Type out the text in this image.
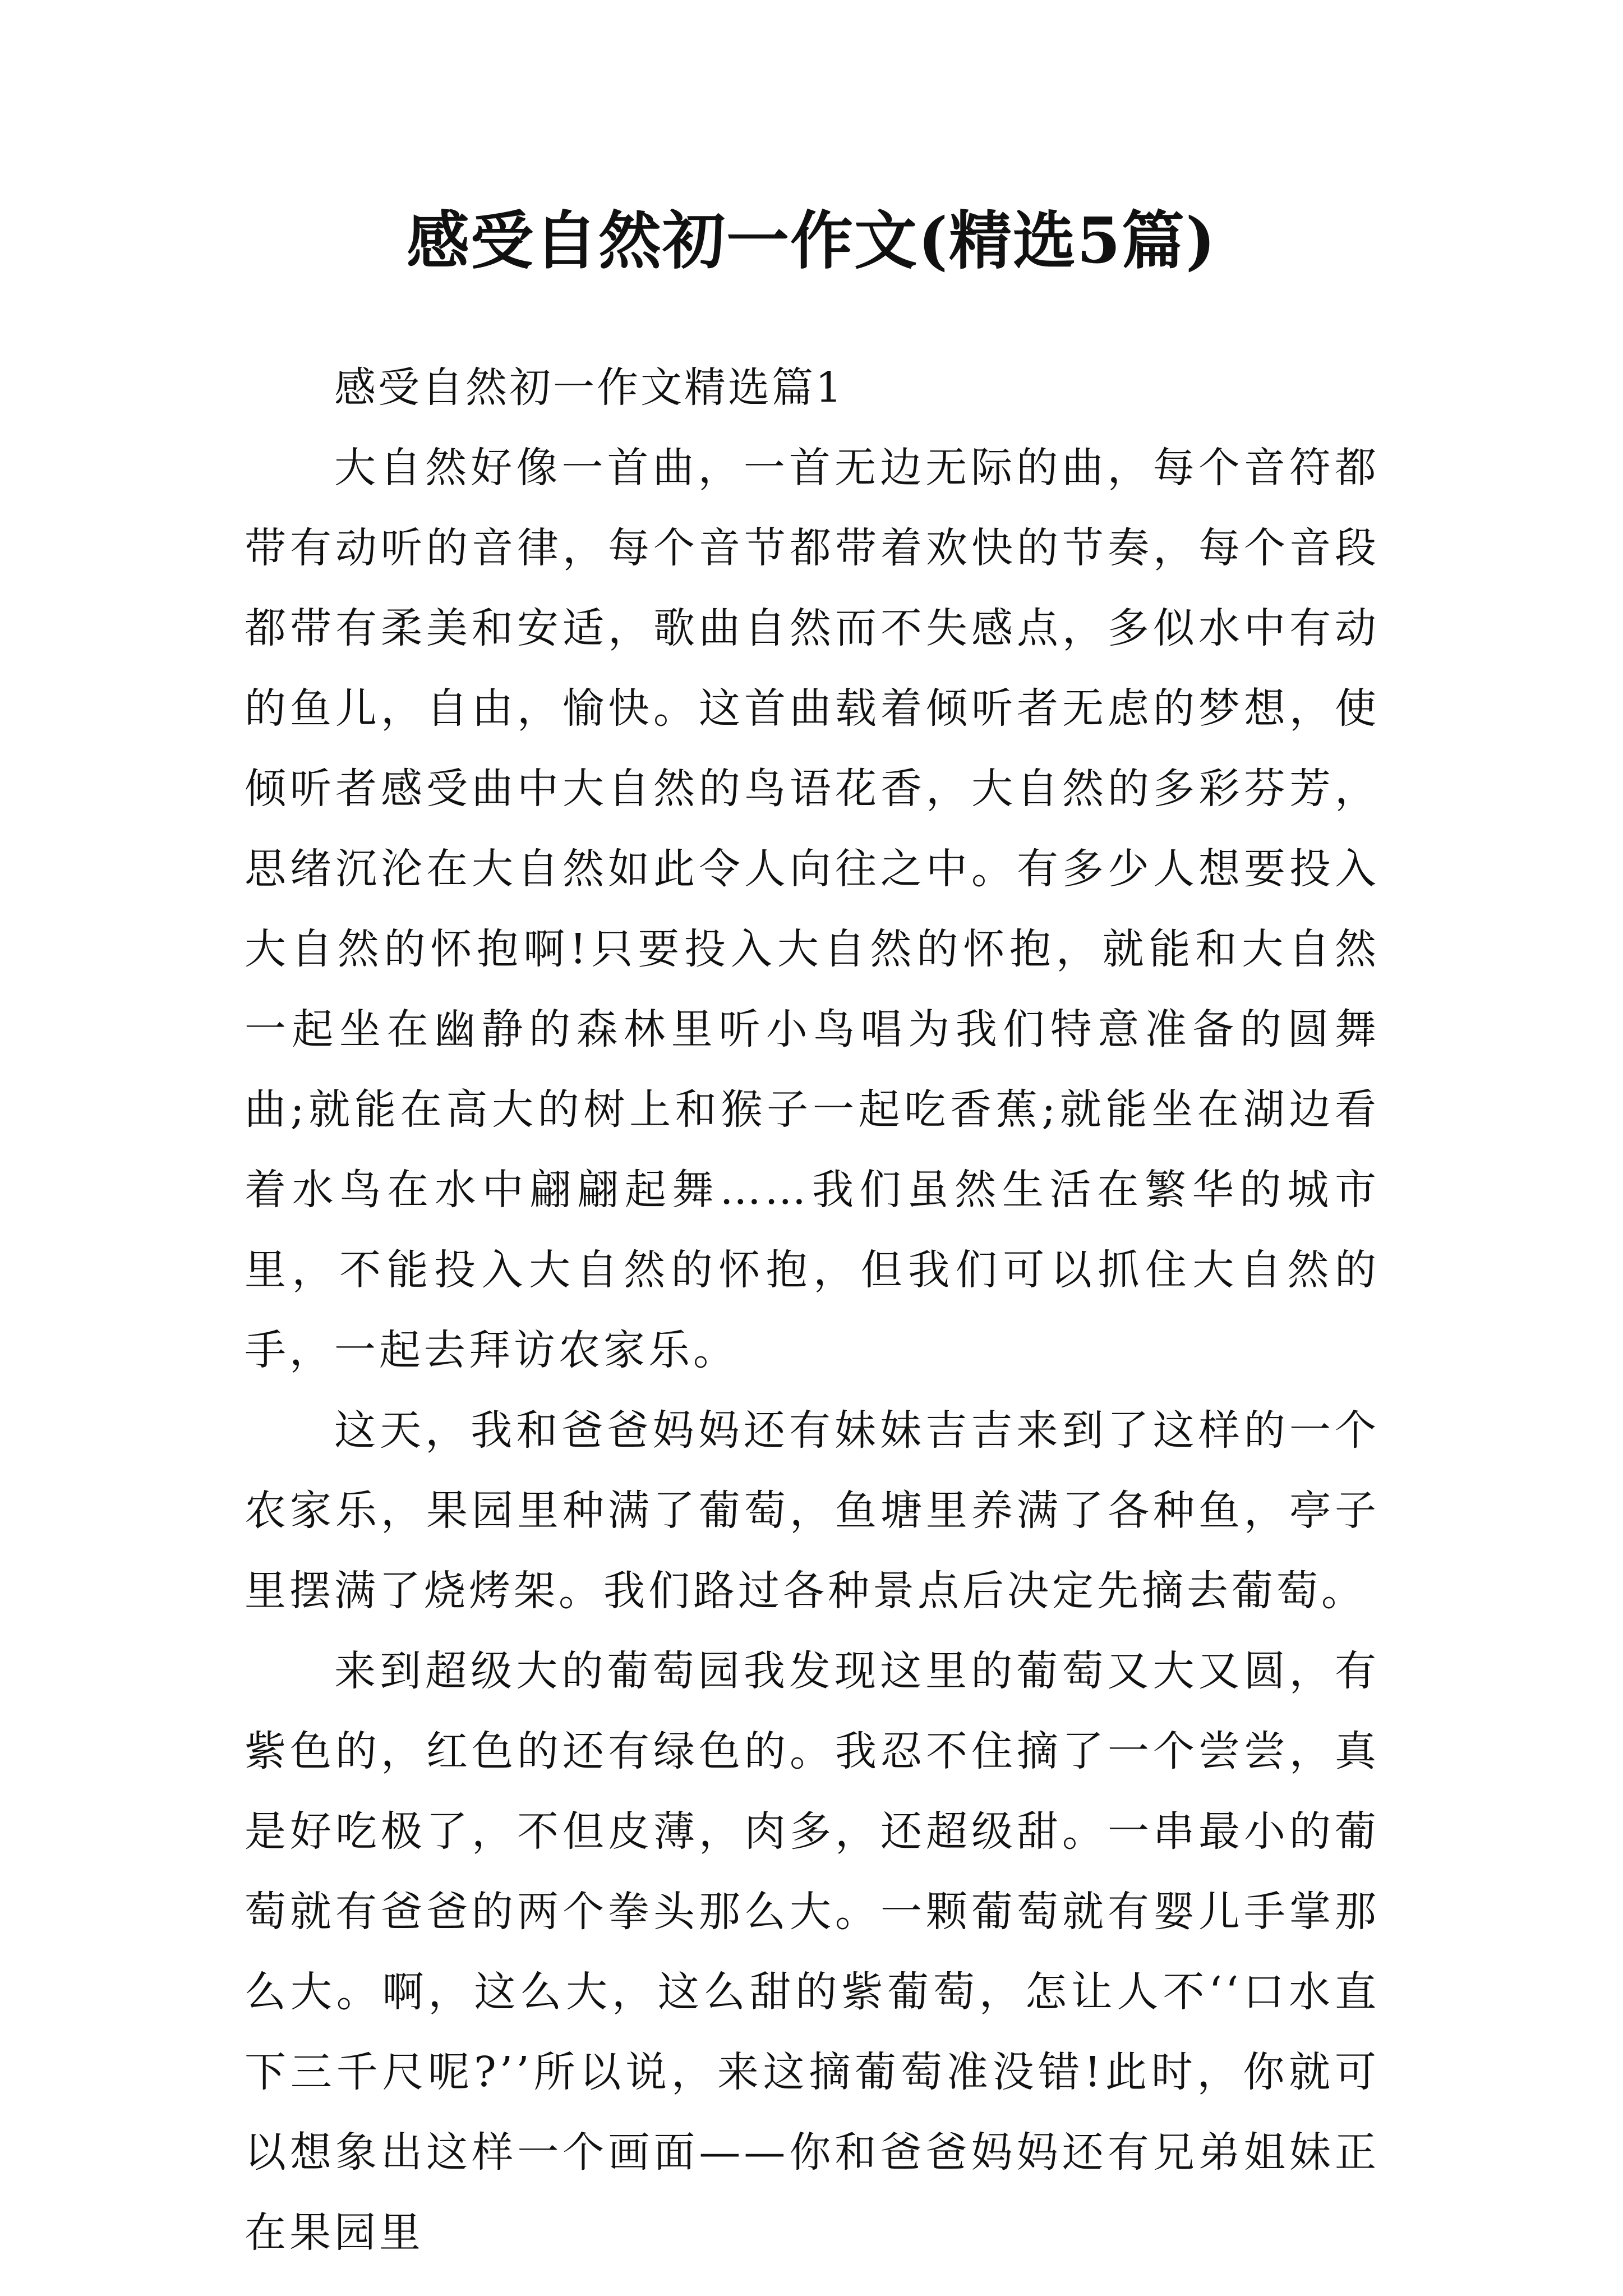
感受自然初一作文(精选5篇)

感受自然初一作文精选篇1

大自然好像一首曲，一首无边无际的曲，每个音符都带有动听的音律，每个音节都带着欢快的节奏，每个音段都带有柔美和安适，歌曲自然而不失感点，多似水中有动的鱼儿，自由，愉快。这首曲载着倾听者无虑的梦想，使倾听者感受曲中大自然的鸟语花香，大自然的多彩芬芳，思绪沉沦在大自然如此令人向往之中。有多少人想要投入大自然的怀抱啊!只要投入大自然的怀抱，就能和大自然一起坐在幽静的森林里听小鸟唱为我们特意准备的圆舞曲;就能在高大的树上和猴子一起吃香蕉;就能坐在湖边看着水鸟在水中翩翩起舞……我们虽然生活在繁华的城市里，不能投入大自然的怀抱，但我们可以抓住大自然的手，一起去拜访农家乐。

这天，我和爸爸妈妈还有妹妹吉吉来到了这样的一个农家乐，果园里种满了葡萄，鱼塘里养满了各种鱼，亭子里摆满了烧烤架。我们路过各种景点后决定先摘去葡萄。

来到超级大的葡萄园我发现这里的葡萄又大又圆，有紫色的，红色的还有绿色的。我忍不住摘了一个尝尝，真是好吃极了，不但皮薄，肉多，还超级甜。一串最小的葡萄就有爸爸的两个拳头那么大。一颗葡萄就有婴儿手掌那么大。啊，这么大，这么甜的紫葡萄，怎让人不‘‘口水直下三千尺呢?’’所以说，来这摘葡萄准没错!此时，你就可以想象出这样一个画面——你和爸爸妈妈还有兄弟姐妹正在果园里
